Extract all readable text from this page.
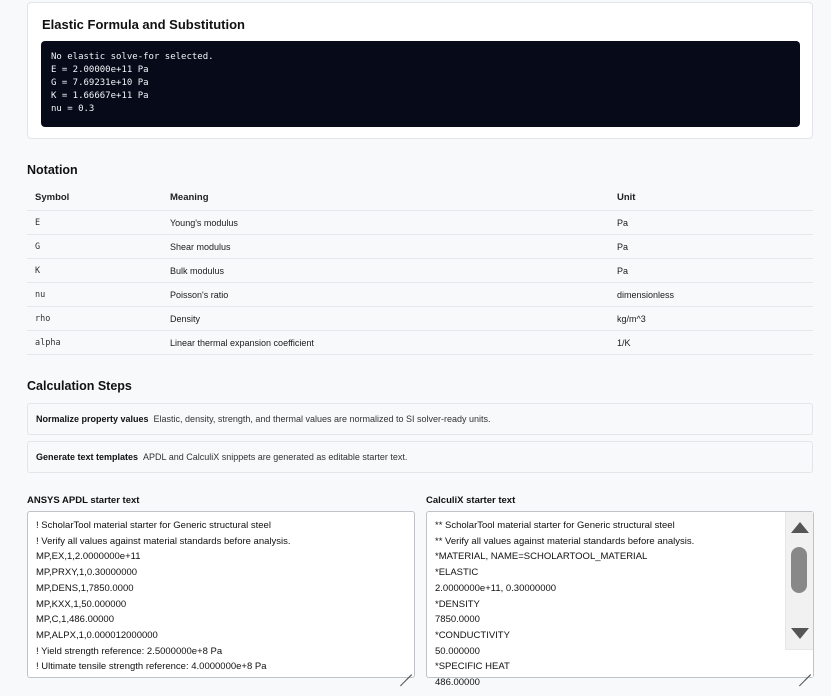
Elastic Formula and Substitution
No elastic solve-for selected.
E = 2.00000e+11 Pa
G = 7.69231e+10 Pa
K = 1.66667e+11 Pa
nu = 0.3
Notation
Symbol	Meaning	Unit
E	Young's modulus	Pa
G	Shear modulus	Pa
K	Bulk modulus	Pa
nu	Poisson's ratio	dimensionless
rho	Density	kg/m^3
alpha	Linear thermal expansion coefficient	1/K
Calculation Steps
Normalize property values Elastic, density, strength, and thermal values are normalized to SI solver-ready units.
Generate text templates APDL and CalculiX snippets are generated as editable starter text.
ANSYS APDL starter text
! ScholarTool material starter for Generic structural steel
! Verify all values against material standards before analysis.
MP,EX,1,2.0000000e+11
MP,PRXY,1,0.30000000
MP,DENS,1,7850.0000
MP,KXX,1,50.000000
MP,C,1,486.00000
MP,ALPX,1,0.000012000000
! Yield strength reference: 2.5000000e+8 Pa
! Ultimate tensile strength reference: 4.0000000e+8 Pa
CalculiX starter text
** ScholarTool material starter for Generic structural steel
** Verify all values against material standards before analysis.
*MATERIAL, NAME=SCHOLARTOOL_MATERIAL
*ELASTIC
2.0000000e+11, 0.30000000
*DENSITY
7850.0000
*CONDUCTIVITY
50.000000
*SPECIFIC HEAT
486.00000
